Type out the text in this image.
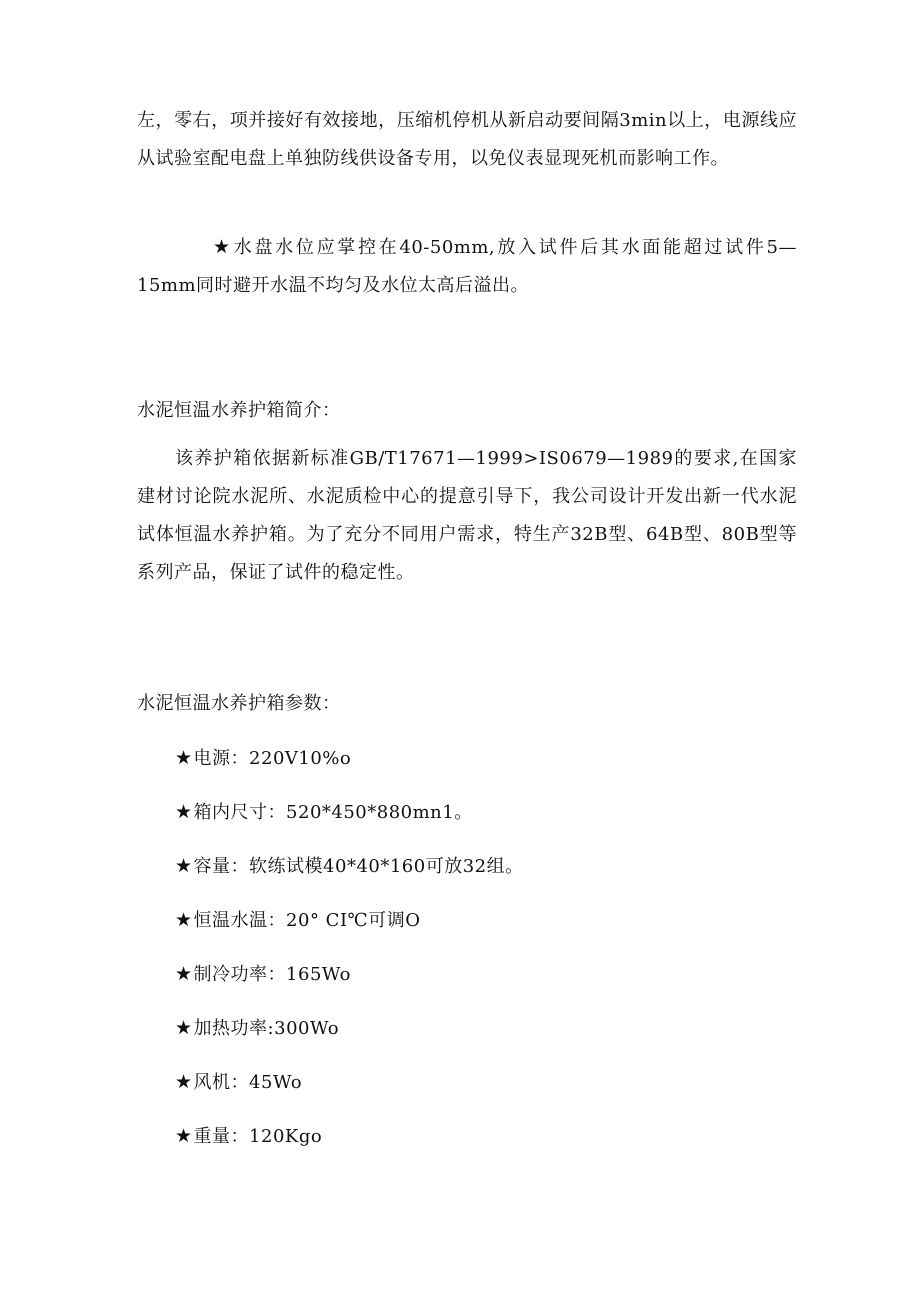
左，零右，项并接好有效接地，压缩机停机从新启动要间隔3min以上，电源线应从试验室配电盘上单独防线供设备专用，以免仪表显现死机而影响工作。

★水盘水位应掌控在40-50mm,放入试件后其水面能超过试件5—15mm同时避开水温不均匀及水位太高后溢出。

水泥恒温水养护箱简介：

该养护箱依据新标准GB/T17671—1999>IS0679—1989的要求,在国家建材讨论院水泥所、水泥质检中心的提意引导下，我公司设计开发出新一代水泥试体恒温水养护箱。为了充分不同用户需求，特生产32B型、64B型、80B型等系列产品，保证了试件的稳定性。

水泥恒温水养护箱参数：

★电源：220V10%o
★箱内尺寸：520*450*880mn1。
★容量：软练试模40*40*160可放32组。
★恒温水温：20° CI℃可调O
★制冷功率：165Wo
★加热功率:300Wo
★风机：45Wo
★重量：120Kgo
